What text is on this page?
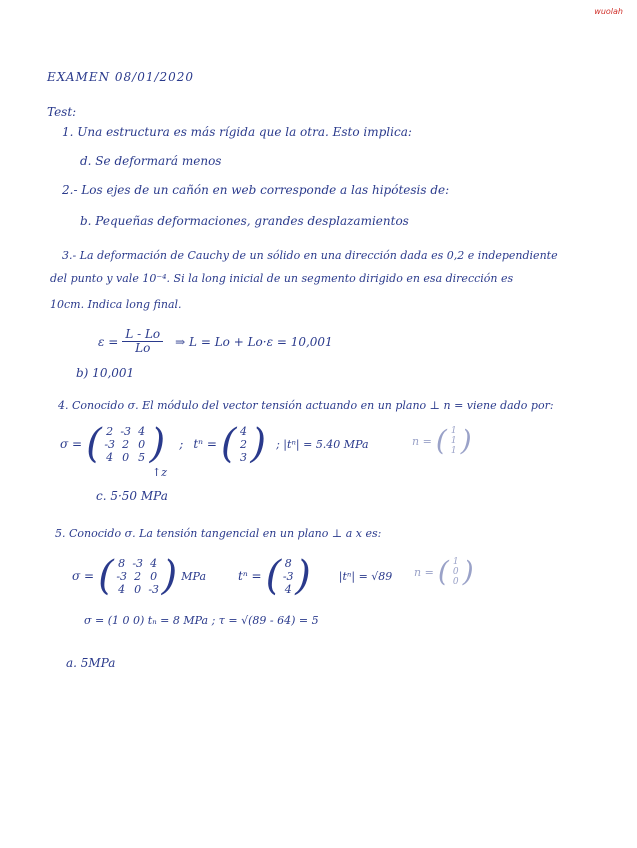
wuolah
EXAMEN 08/01/2020
Test:
1. Una estructura es más rígida que la otra. Esto implica:
d. Se deformará menos
2.- Los ejes de un cañón en web corresponde a las hipótesis de:
b. Pequeñas deformaciones, grandes desplazamientos
3.- La deformación de Cauchy de un sólido en una dirección dada es 0,2 e independiente
del punto y vale 10⁻⁴. Si la long inicial de un segmento dirigido en esa dirección es
10cm. Indica long final.
$\varepsilon = \frac{L - Lo}{Lo}$ ⇒ L = Lo + Lo·ε = 10,001
b) 10,001
4. Conocido σ. El módulo del vector tensión actuando en un plano ⊥ n = viene dado por:
σ = ( 2 -3 4
-3 2 0
4 0 5 ) ; tⁿ = ( 4
2
3 ) ; |tⁿ| = 5.40 MPa	n = ( 1
1
1 )
↑z
c. 5·50 MPa
5. Conocido σ. La tensión tangencial en un plano ⊥ a x es:
σ = ( 8 -3 4
-3 2 0
4 0 -3 ) MPa	tⁿ = ( 8
-3
4 )	|tⁿ| = √89 n = ( 1
0
0 )
σ = (1 0 0) tₙ = 8 MPa ; τ = √(89 - 64) = 5
a. 5MPa
